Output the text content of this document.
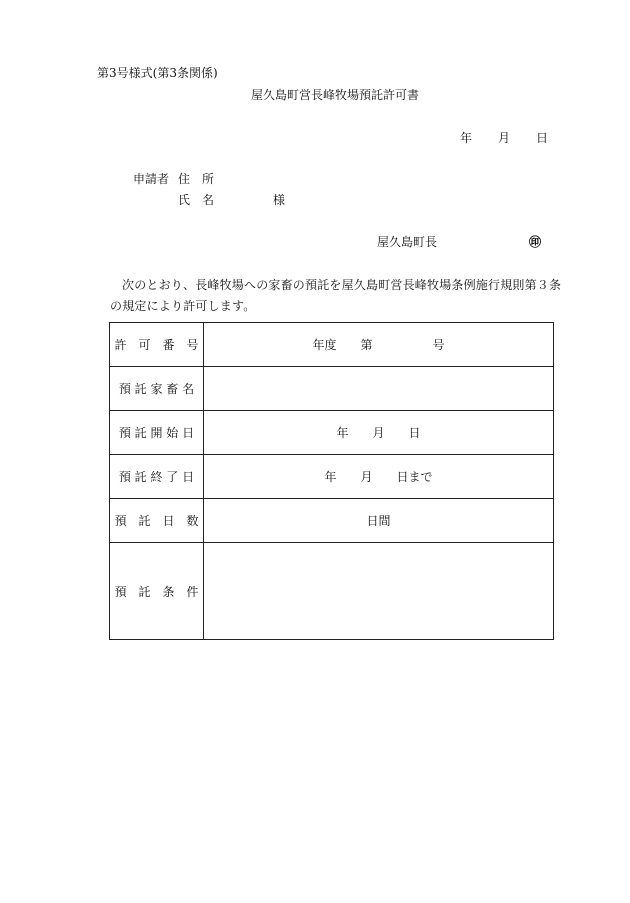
第3号様式(第3条関係)
屋久島町営長峰牧場預託許可書
年 月 日
申請者 住　所
氏　名	様
屋久島町長	㊞
次のとおり、長峰牧場への家畜の預託を屋久島町営長峰牧場条例施行規則第３条の規定により許可します。
許　可　番　号	年度　　第　　　　　号
預 託 家 畜 名	
預 託 開 始 日	年　　月　　日
預 託 終 了 日	年　　月　　日まで
預　託　日　数	日間
預　託　条　件	
